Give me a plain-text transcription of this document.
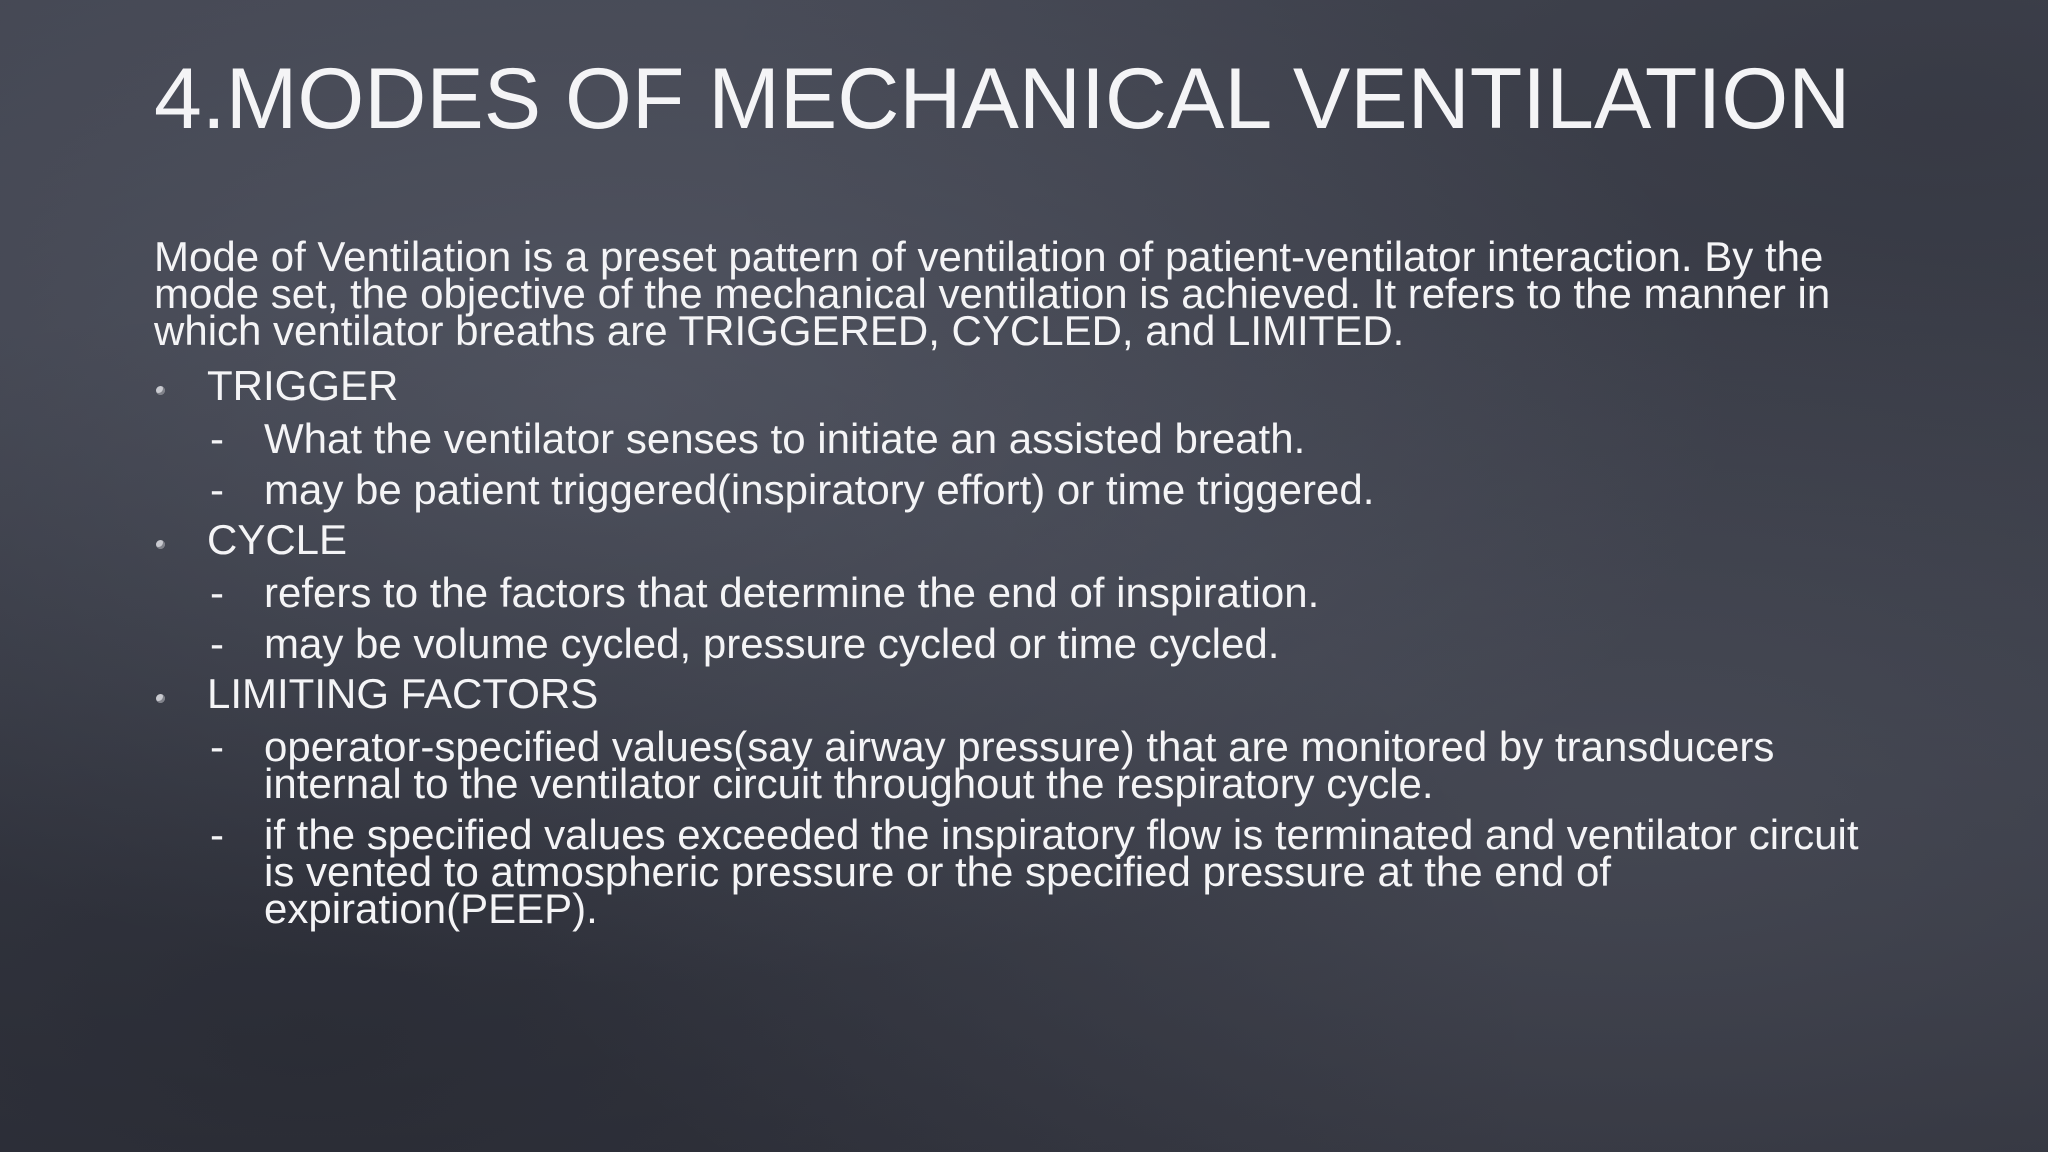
4.MODES OF MECHANICAL VENTILATION

Mode of Ventilation is a preset pattern of ventilation of patient-ventilator interaction. By the mode set, the objective of the mechanical ventilation is achieved. It refers to the manner in which ventilator breaths are TRIGGERED, CYCLED, and LIMITED.

TRIGGER
- What the ventilator senses to initiate an assisted breath.
- may be patient triggered(inspiratory effort) or time triggered.
CYCLE
- refers to the factors that determine the end of inspiration.
- may be volume cycled, pressure cycled or time cycled.
LIMITING FACTORS
- operator-specified values(say airway pressure) that are monitored by transducers internal to the ventilator circuit throughout the respiratory cycle.
- if the specified values exceeded the inspiratory flow is terminated and ventilator circuit is vented to atmospheric pressure or the specified pressure at the end of expiration(PEEP).
